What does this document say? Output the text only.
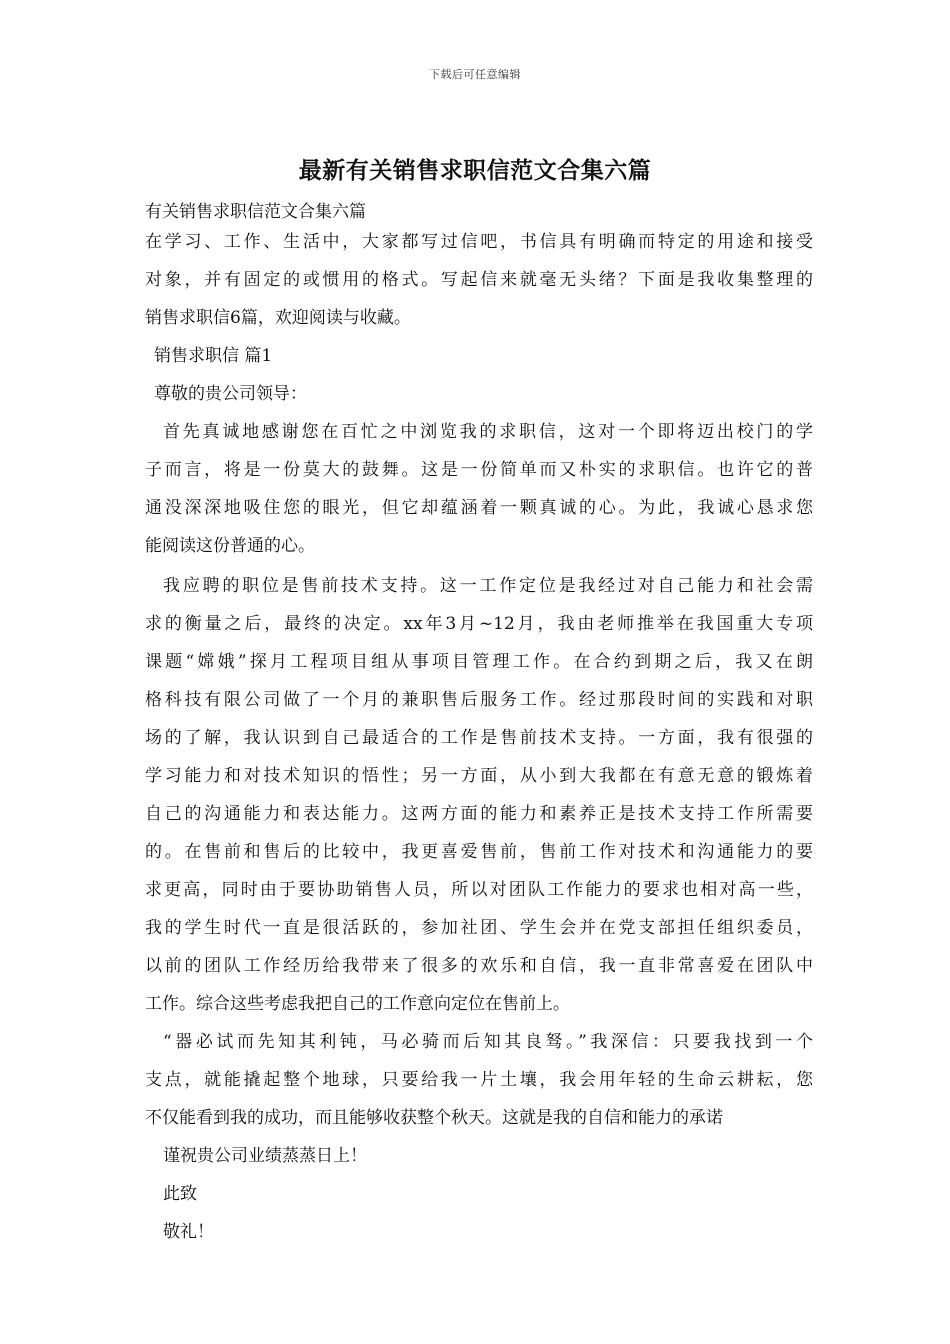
下载后可任意编辑
最新有关销售求职信范文合集六篇
有关销售求职信范文合集六篇
在学习、工作、生活中，大家都写过信吧，书信具有明确而特定的用途和接受
对象，并有固定的或惯用的格式。写起信来就毫无头绪？下面是我收集整理的
销售求职信6篇，欢迎阅读与收藏。
销售求职信 篇1
尊敬的贵公司领导：
首先真诚地感谢您在百忙之中浏览我的求职信，这对一个即将迈出校门的学
子而言，将是一份莫大的鼓舞。这是一份简单而又朴实的求职信。也许它的普
通没深深地吸住您的眼光，但它却蕴涵着一颗真诚的心。为此，我诚心恳求您
能阅读这份普通的心。
我应聘的职位是售前技术支持。这一工作定位是我经过对自己能力和社会需
求的衡量之后，最终的决定。xx年3月~12月，我由老师推举在我国重大专项
课题“嫦娥”探月工程项目组从事项目管理工作。在合约到期之后，我又在朗
格科技有限公司做了一个月的兼职售后服务工作。经过那段时间的实践和对职
场的了解，我认识到自己最适合的工作是售前技术支持。一方面，我有很强的
学习能力和对技术知识的悟性；另一方面，从小到大我都在有意无意的锻炼着
自己的沟通能力和表达能力。这两方面的能力和素养正是技术支持工作所需要
的。在售前和售后的比较中，我更喜爱售前，售前工作对技术和沟通能力的要
求更高，同时由于要协助销售人员，所以对团队工作能力的要求也相对高一些，
我的学生时代一直是很活跃的，参加社团、学生会并在党支部担任组织委员，
以前的团队工作经历给我带来了很多的欢乐和自信，我一直非常喜爱在团队中
工作。综合这些考虑我把自己的工作意向定位在售前上。
“器必试而先知其利钝，马必骑而后知其良驽。”我深信：只要我找到一个
支点，就能撬起整个地球，只要给我一片土壤，我会用年轻的生命云耕耘，您
不仅能看到我的成功，而且能够收获整个秋天。这就是我的自信和能力的承诺
谨祝贵公司业绩蒸蒸日上！
此致
敬礼！
